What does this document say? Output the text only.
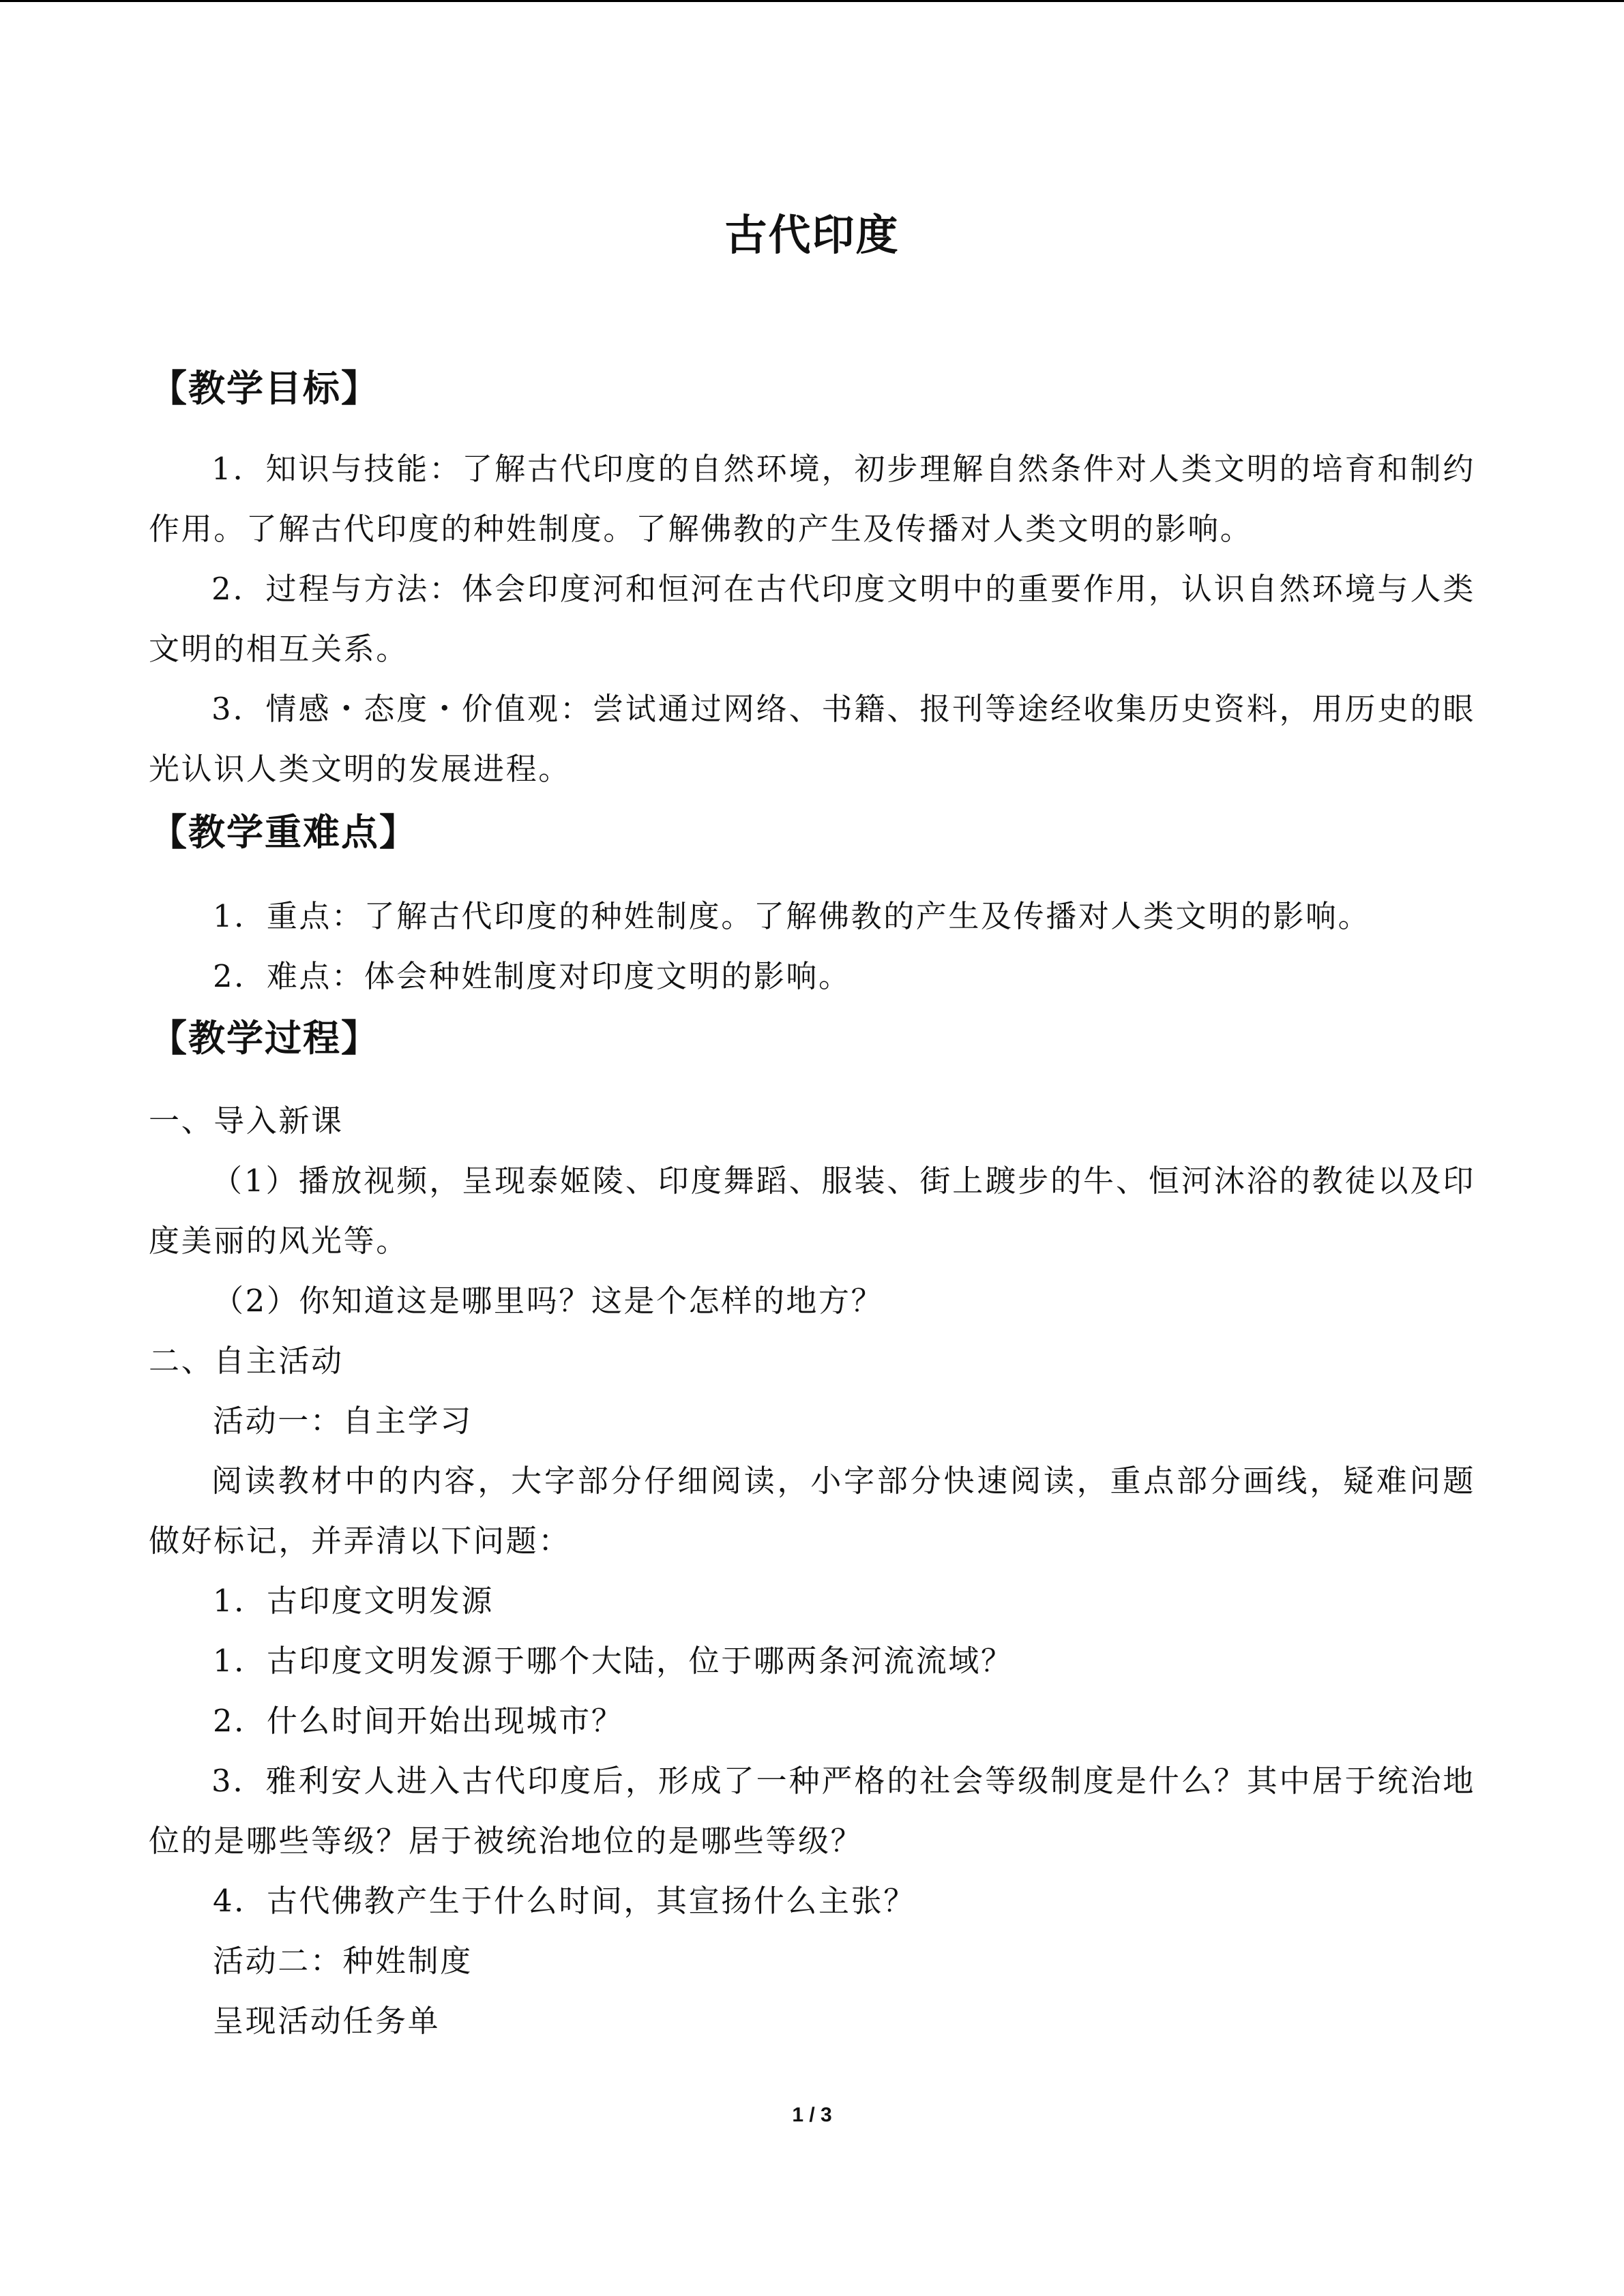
古代印度
【教学目标】

1．知识与技能：了解古代印度的自然环境，初步理解自然条件对人类文明的培育和制约作用。了解古代印度的种姓制度。了解佛教的产生及传播对人类文明的影响。

2．过程与方法：体会印度河和恒河在古代印度文明中的重要作用，认识自然环境与人类文明的相互关系。

3．情感・态度・价值观：尝试通过网络、书籍、报刊等途经收集历史资料，用历史的眼光认识人类文明的发展进程。

【教学重难点】
1．重点：了解古代印度的种姓制度。了解佛教的产生及传播对人类文明的影响。
2．难点：体会种姓制度对印度文明的影响。
【教学过程】
一、导入新课

（1）播放视频，呈现泰姬陵、印度舞蹈、服装、街上踱步的牛、恒河沐浴的教徒以及印度美丽的风光等。

（2）你知道这是哪里吗？这是个怎样的地方？
二、自主活动
活动一：自主学习

阅读教材中的内容，大字部分仔细阅读，小字部分快速阅读，重点部分画线，疑难问题做好标记，并弄清以下问题：

1．古印度文明发源
1．古印度文明发源于哪个大陆，位于哪两条河流流域？
2．什么时间开始出现城市？

3．雅利安人进入古代印度后，形成了一种严格的社会等级制度是什么？其中居于统治地位的是哪些等级？居于被统治地位的是哪些等级？

4．古代佛教产生于什么时间，其宣扬什么主张？
活动二：种姓制度
呈现活动任务单
1 / 3
